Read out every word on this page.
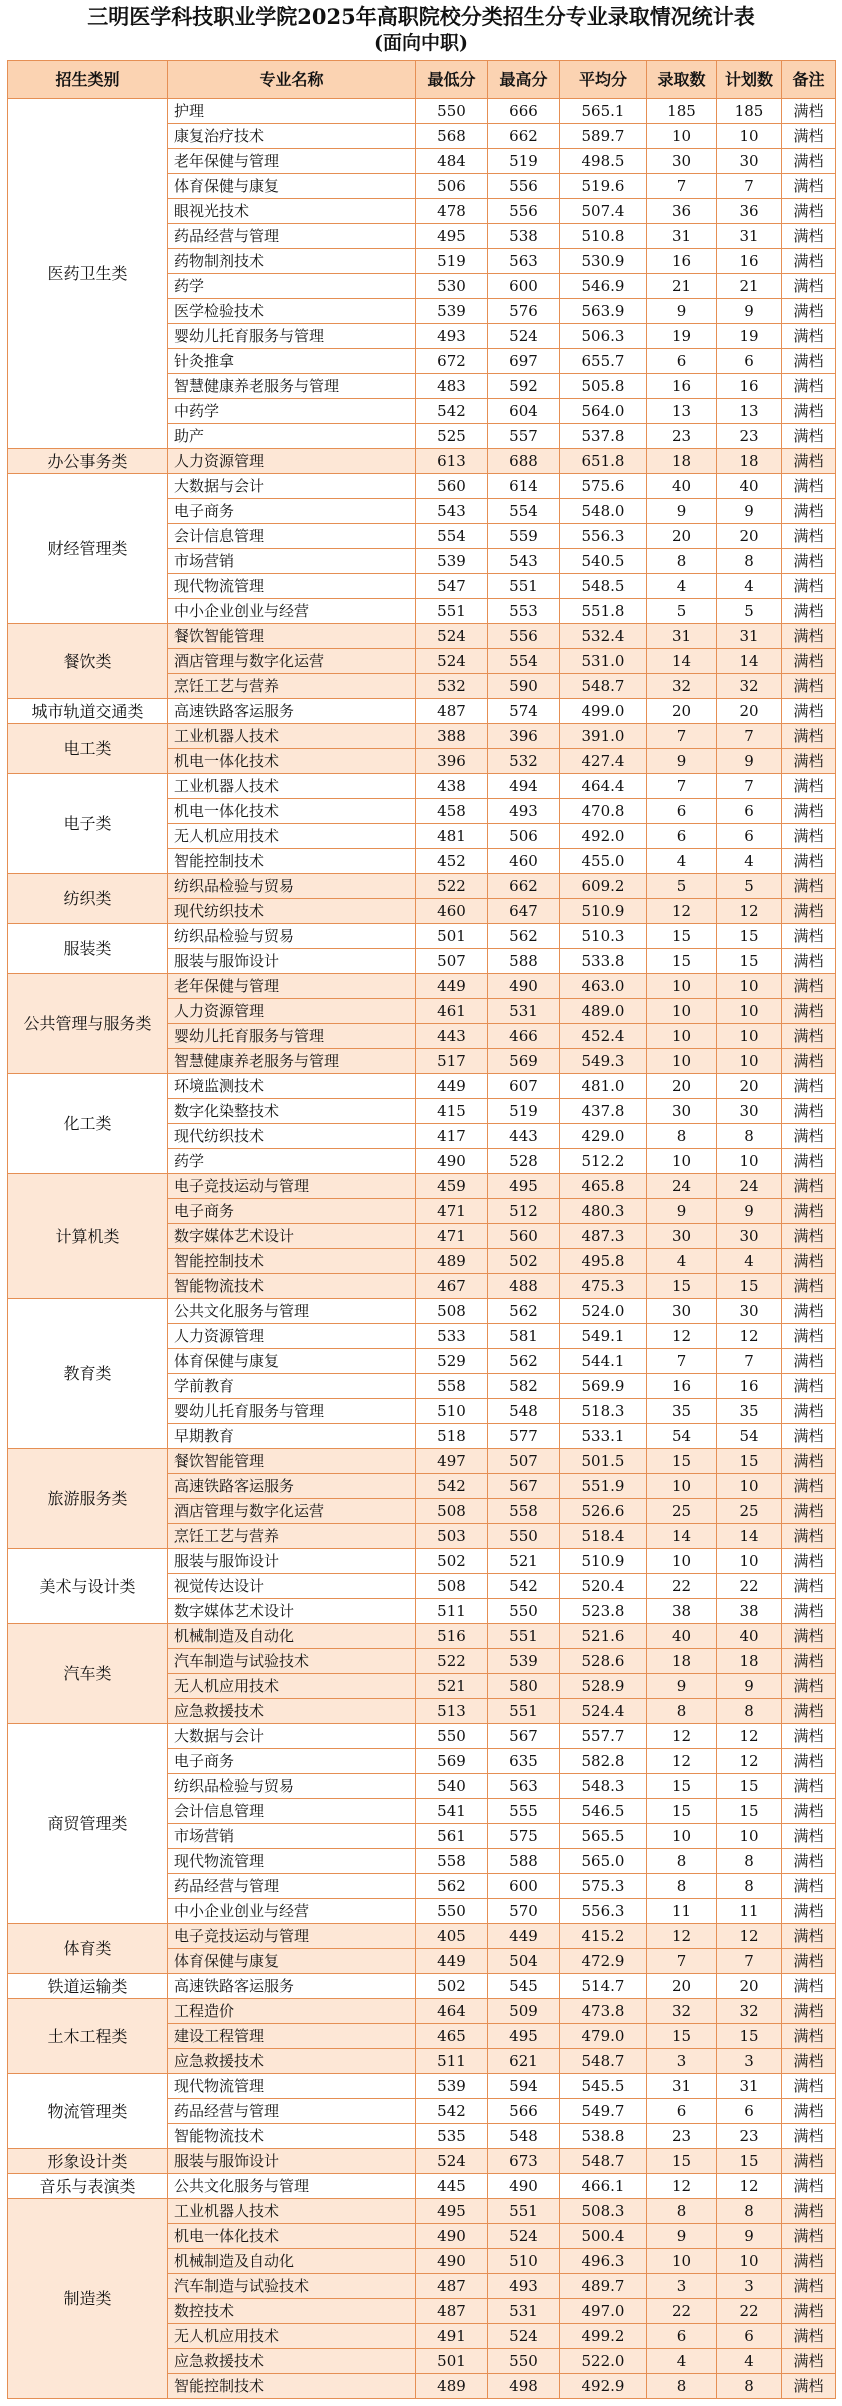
三明医学科技职业学院2025年高职院校分类招生分专业录取情况统计表
(面向中职)
招生类别	专业名称	最低分	最高分	平均分	录取数	计划数	备注
医药卫生类	护理	550	666	565.1	185	185	满档
	康复治疗技术	568	662	589.7	10	10	满档
	老年保健与管理	484	519	498.5	30	30	满档
	体育保健与康复	506	556	519.6	7	7	满档
	眼视光技术	478	556	507.4	36	36	满档
	药品经营与管理	495	538	510.8	31	31	满档
	药物制剂技术	519	563	530.9	16	16	满档
	药学	530	600	546.9	21	21	满档
	医学检验技术	539	576	563.9	9	9	满档
	婴幼儿托育服务与管理	493	524	506.3	19	19	满档
	针灸推拿	672	697	655.7	6	6	满档
	智慧健康养老服务与管理	483	592	505.8	16	16	满档
	中药学	542	604	564.0	13	13	满档
	助产	525	557	537.8	23	23	满档
办公事务类	人力资源管理	613	688	651.8	18	18	满档
财经管理类	大数据与会计	560	614	575.6	40	40	满档
	电子商务	543	554	548.0	9	9	满档
	会计信息管理	554	559	556.3	20	20	满档
	市场营销	539	543	540.5	8	8	满档
	现代物流管理	547	551	548.5	4	4	满档
	中小企业创业与经营	551	553	551.8	5	5	满档
餐饮类	餐饮智能管理	524	556	532.4	31	31	满档
	酒店管理与数字化运营	524	554	531.0	14	14	满档
	烹饪工艺与营养	532	590	548.7	32	32	满档
城市轨道交通类	高速铁路客运服务	487	574	499.0	20	20	满档
电工类	工业机器人技术	388	396	391.0	7	7	满档
	机电一体化技术	396	532	427.4	9	9	满档
电子类	工业机器人技术	438	494	464.4	7	7	满档
	机电一体化技术	458	493	470.8	6	6	满档
	无人机应用技术	481	506	492.0	6	6	满档
	智能控制技术	452	460	455.0	4	4	满档
纺织类	纺织品检验与贸易	522	662	609.2	5	5	满档
	现代纺织技术	460	647	510.9	12	12	满档
服装类	纺织品检验与贸易	501	562	510.3	15	15	满档
	服装与服饰设计	507	588	533.8	15	15	满档
公共管理与服务类	老年保健与管理	449	490	463.0	10	10	满档
	人力资源管理	461	531	489.0	10	10	满档
	婴幼儿托育服务与管理	443	466	452.4	10	10	满档
	智慧健康养老服务与管理	517	569	549.3	10	10	满档
化工类	环境监测技术	449	607	481.0	20	20	满档
	数字化染整技术	415	519	437.8	30	30	满档
	现代纺织技术	417	443	429.0	8	8	满档
	药学	490	528	512.2	10	10	满档
计算机类	电子竞技运动与管理	459	495	465.8	24	24	满档
	电子商务	471	512	480.3	9	9	满档
	数字媒体艺术设计	471	560	487.3	30	30	满档
	智能控制技术	489	502	495.8	4	4	满档
	智能物流技术	467	488	475.3	15	15	满档
教育类	公共文化服务与管理	508	562	524.0	30	30	满档
	人力资源管理	533	581	549.1	12	12	满档
	体育保健与康复	529	562	544.1	7	7	满档
	学前教育	558	582	569.9	16	16	满档
	婴幼儿托育服务与管理	510	548	518.3	35	35	满档
	早期教育	518	577	533.1	54	54	满档
旅游服务类	餐饮智能管理	497	507	501.5	15	15	满档
	高速铁路客运服务	542	567	551.9	10	10	满档
	酒店管理与数字化运营	508	558	526.6	25	25	满档
	烹饪工艺与营养	503	550	518.4	14	14	满档
美术与设计类	服装与服饰设计	502	521	510.9	10	10	满档
	视觉传达设计	508	542	520.4	22	22	满档
	数字媒体艺术设计	511	550	523.8	38	38	满档
汽车类	机械制造及自动化	516	551	521.6	40	40	满档
	汽车制造与试验技术	522	539	528.6	18	18	满档
	无人机应用技术	521	580	528.9	9	9	满档
	应急救援技术	513	551	524.4	8	8	满档
商贸管理类	大数据与会计	550	567	557.7	12	12	满档
	电子商务	569	635	582.8	12	12	满档
	纺织品检验与贸易	540	563	548.3	15	15	满档
	会计信息管理	541	555	546.5	15	15	满档
	市场营销	561	575	565.5	10	10	满档
	现代物流管理	558	588	565.0	8	8	满档
	药品经营与管理	562	600	575.3	8	8	满档
	中小企业创业与经营	550	570	556.3	11	11	满档
体育类	电子竞技运动与管理	405	449	415.2	12	12	满档
	体育保健与康复	449	504	472.9	7	7	满档
铁道运输类	高速铁路客运服务	502	545	514.7	20	20	满档
土木工程类	工程造价	464	509	473.8	32	32	满档
	建设工程管理	465	495	479.0	15	15	满档
	应急救援技术	511	621	548.7	3	3	满档
物流管理类	现代物流管理	539	594	545.5	31	31	满档
	药品经营与管理	542	566	549.7	6	6	满档
	智能物流技术	535	548	538.8	23	23	满档
形象设计类	服装与服饰设计	524	673	548.7	15	15	满档
音乐与表演类	公共文化服务与管理	445	490	466.1	12	12	满档
制造类	工业机器人技术	495	551	508.3	8	8	满档
	机电一体化技术	490	524	500.4	9	9	满档
	机械制造及自动化	490	510	496.3	10	10	满档
	汽车制造与试验技术	487	493	489.7	3	3	满档
	数控技术	487	531	497.0	22	22	满档
	无人机应用技术	491	524	499.2	6	6	满档
	应急救援技术	501	550	522.0	4	4	满档
	智能控制技术	489	498	492.9	8	8	满档
